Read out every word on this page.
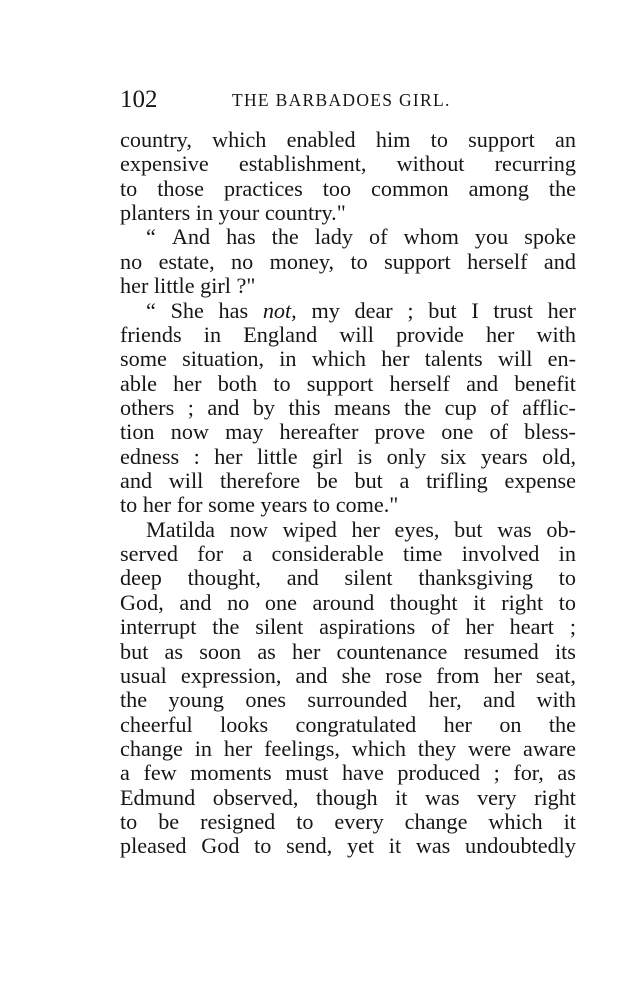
102	THE BARBADOES GIRL.
country, which enabled him to support an
expensive establishment, without recurring
to those practices too common among the
planters
in
your
country."
“ And has the lady of whom you spoke
no estate, no money, to support herself and
her
little
girl
?"
“ She has not, my dear ; but I trust her
friends in England will provide her with
some situation, in which her talents will en-
able her both to support herself and benefit
others ; and by this means the cup of afflic-
tion now may hereafter prove one of bless-
edness : her little girl is only six years old,
and will therefore be but a trifling expense
to
her
for
some
years
to
come."
Matilda now wiped her eyes, but was ob-
served for a considerable time involved in
deep thought, and silent thanksgiving to
God, and no one around thought it right to
interrupt the silent aspirations of her heart ;
but as soon as her countenance resumed its
usual expression, and she rose from her seat,
the young ones surrounded her, and with
cheerful looks congratulated her on the
change in her feelings, which they were aware
a few moments must have produced ; for, as
Edmund observed, though it was very right
to be resigned to every change which it
pleased God to send, yet it was undoubtedly
